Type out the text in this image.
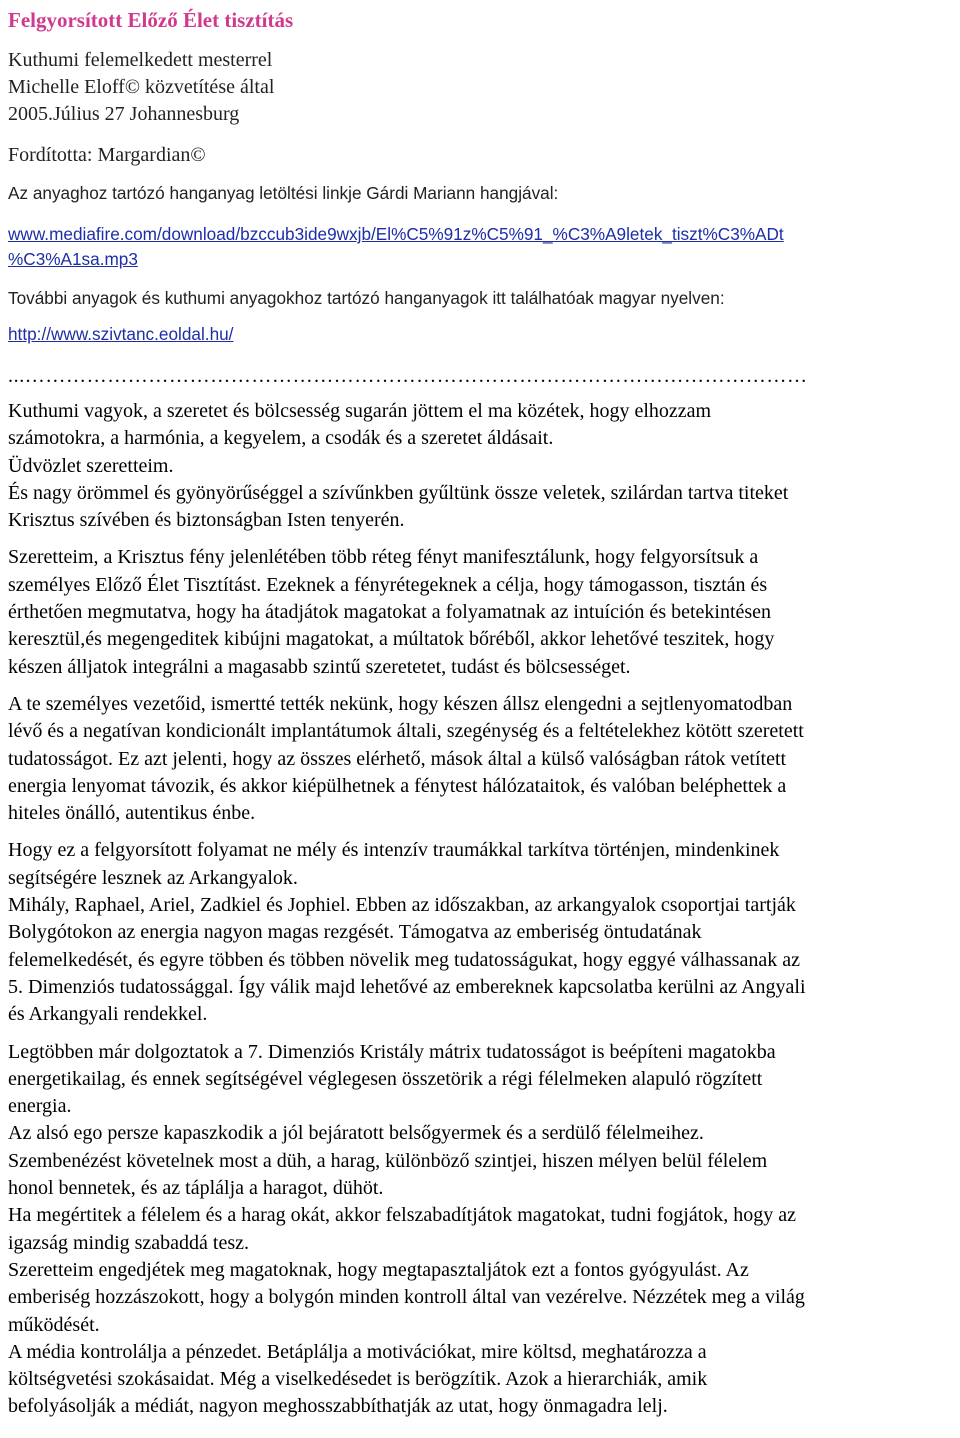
Felgyorsított Előző Élet tisztítás
Kuthumi felemelkedett mesterrel
Michelle Eloff© közvetítése által
2005.Július 27 Johannesburg
Fordította: Margardian©
Az anyaghoz tartózó hanganyag letöltési linkje Gárdi Mariann hangjával:
www.mediafire.com/download/bzccub3ide9wxjb/El%C5%91z%C5%91_%C3%A9letek_tiszt%C3%ADt
%C3%A1sa.mp3
További anyagok és kuthumi anyagokhoz tartózó hanganyagok itt találhatóak magyar nyelven:
http://www.szivtanc.eoldal.hu/
...……………………………………………………………………………………………………

Kuthumi vagyok, a szeretet és bölcsesség sugarán jöttem el ma közétek, hogy elhozzam

számotokra, a harmónia, a kegyelem, a csodák és a szeretet áldásait.

Üdvözlet szeretteim.

És nagy örömmel és gyönyörűséggel a szívűnkben gyűltünk össze veletek, szilárdan tartva titeket

Krisztus szívében és biztonságban Isten tenyerén.

Szeretteim, a Krisztus fény jelenlétében több réteg fényt manifesztálunk, hogy felgyorsítsuk a

személyes Előző Élet Tisztítást. Ezeknek a fényrétegeknek a célja, hogy támogasson, tisztán és

érthetően megmutatva, hogy ha átadjátok magatokat a folyamatnak az intuíción és betekintésen

keresztül,és megengeditek kibújni magatokat, a múltatok bőréből, akkor lehetővé teszitek, hogy

készen álljatok integrálni a magasabb szintű szeretetet, tudást és bölcsességet.

A te személyes vezetőid, ismertté tették nekünk, hogy készen állsz elengedni a sejtlenyomatodban

lévő és a negatívan kondicionált implantátumok általi, szegénység és a feltételekhez kötött szeretett

tudatosságot. Ez azt jelenti, hogy az összes elérhető, mások által a külső valóságban rátok vetített

energia lenyomat távozik, és akkor kiépülhetnek a fénytest hálózataitok, és valóban beléphettek a

hiteles önálló, autentikus énbe.

Hogy ez a felgyorsított folyamat ne mély és intenzív traumákkal tarkítva történjen, mindenkinek

segítségére lesznek az Arkangyalok.

Mihály, Raphael, Ariel, Zadkiel és Jophiel. Ebben az időszakban, az arkangyalok csoportjai tartják

Bolygótokon az energia nagyon magas rezgését. Támogatva az emberiség öntudatának

felemelkedését, és egyre többen és többen növelik meg tudatosságukat, hogy eggyé válhassanak az

5. Dimenziós tudatossággal. Így válik majd lehetővé az embereknek kapcsolatba kerülni az Angyali

és Arkangyali rendekkel.

Legtöbben már dolgoztatok a 7. Dimenziós Kristály mátrix tudatosságot is beépíteni magatokba

energetikailag, és ennek segítségével véglegesen összetörik a régi félelmeken alapuló rögzített

energia.

Az alsó ego persze kapaszkodik a jól bejáratott belsőgyermek és a serdülő félelmeihez.

Szembenézést követelnek most a düh, a harag, különböző szintjei, hiszen mélyen belül félelem

honol bennetek, és az táplálja a haragot, dühöt.

Ha megértitek a félelem és a harag okát, akkor felszabadítjátok magatokat, tudni fogjátok, hogy az

igazság mindig szabaddá tesz.

Szeretteim engedjétek meg magatoknak, hogy megtapasztaljátok ezt a fontos gyógyulást. Az

emberiség hozzászokott, hogy a bolygón minden kontroll által van vezérelve. Nézzétek meg a világ

működését.

A média kontrolálja a pénzedet. Betáplálja a motivációkat, mire költsd, meghatározza a

költségvetési szokásaidat. Még a viselkedésedet is berögzítik. Azok a hierarchiák, amik

befolyásolják a médiát, nagyon meghosszabbíthatják az utat, hogy önmagadra lelj.
